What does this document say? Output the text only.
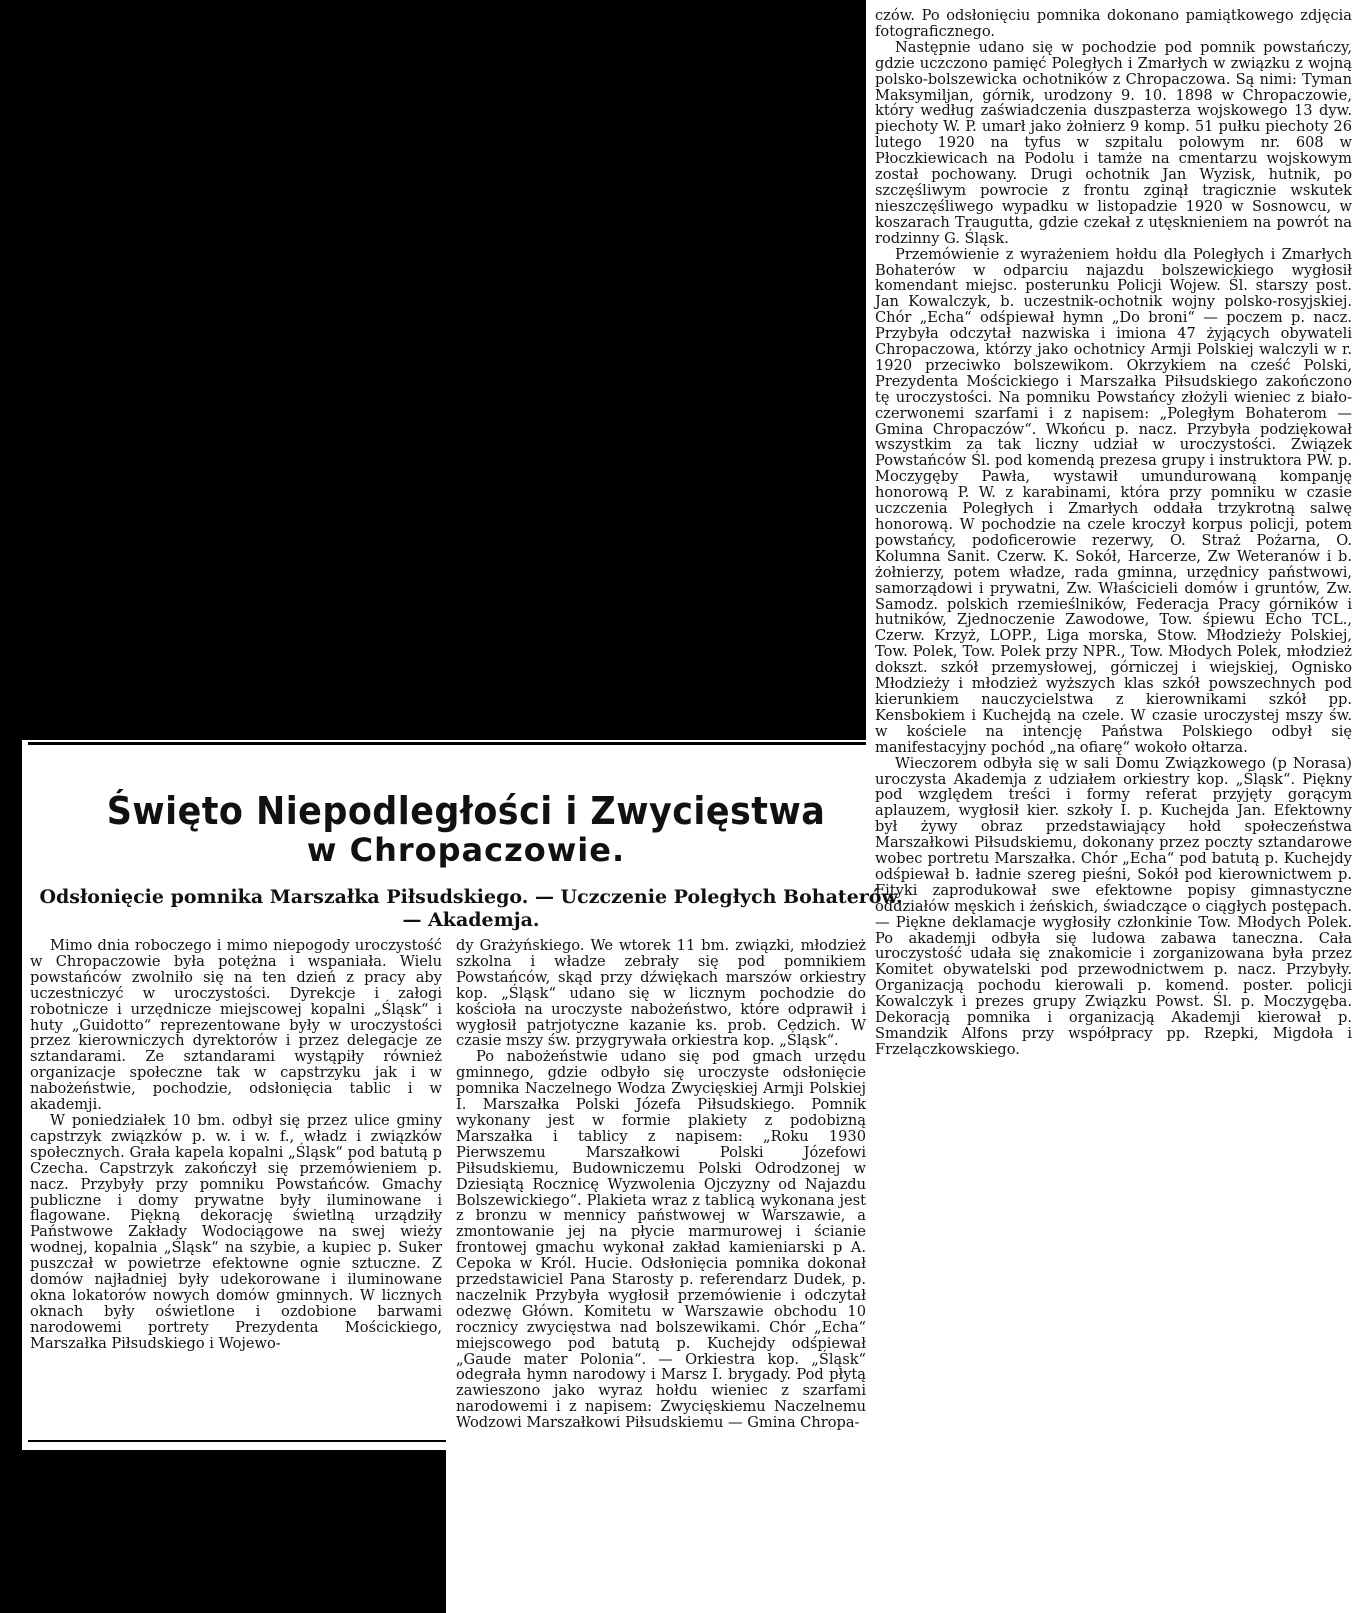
czów. Po odsłonięciu pomnika dokonano pamiątkowego zdjęcia fotograficznego.

Następnie udano się w pochodzie pod pomnik powstańczy, gdzie uczczono pamięć Poległych i Zmarłych w związku z wojną polsko-bolszewicka ochotników z Chropaczowa. Są nimi: Tyman Maksymiljan, górnik, urodzony 9. 10. 1898 w Chropaczowie, który według zaświadczenia duszpasterza wojskowego 13 dyw. piechoty W. P. umarł jako żołnierz 9 komp. 51 pułku piechoty 26 lutego 1920 na tyfus w szpitalu polowym nr. 608 w Płoczkiewicach na Podolu i tamże na cmentarzu wojskowym został pochowany. Drugi ochotnik Jan Wyzisk, hutnik, po szczęśliwym powrocie z frontu zginął tragicznie wskutek nieszczęśliwego wypadku w listopadzie 1920 w Sosnowcu, w koszarach Traugutta, gdzie czekał z utęsknieniem na powrót na rodzinny G. Śląsk.

Przemówienie z wyrażeniem hołdu dla Poległych i Zmarłych Bohaterów w odparciu najazdu bolszewickiego wygłosił komendant miejsc. posterunku Policji Wojew. Śl. starszy post. Jan Kowalczyk, b. uczestnik-ochotnik wojny polsko-rosyjskiej. Chór „Echa“ odśpiewał hymn „Do broni“ — poczem p. nacz. Przybyła odczytał nazwiska i imiona 47 żyjących obywateli Chropaczowa, którzy jako ochotnicy Armji Polskiej walczyli w r. 1920 przeciwko bolszewikom. Okrzykiem na cześć Polski, Prezydenta Mościckiego i Marszałka Piłsudskiego zakończono tę uroczystości. Na pomniku Powstańcy złożyli wieniec z biało-czerwonemi szarfami i z napisem: „Poległym Bohaterom — Gmina Chropaczów“. Wkońcu p. nacz. Przybyła podziękował wszystkim za tak liczny udział w uroczystości. Związek Powstańców Śl. pod komendą prezesa grupy i instruktora PW. p. Moczygęby Pawła, wystawił umundurowaną kompanję honorową P. W. z karabinami, która przy pomniku w czasie uczczenia Poległych i Zmarłych oddała trzykrotną salwę honorową. W pochodzie na czele kroczył korpus policji, potem powstańcy, podoficerowie rezerwy, O. Straż Pożarna, O. Kolumna Sanit. Czerw. K. Sokół, Harcerze, Zw Weteranów i b. żołnierzy, potem władze, rada gminna, urzędnicy państwowi, samorządowi i prywatni, Zw. Właścicieli domów i gruntów, Zw. Samodz. polskich rzemieślników, Federacja Pracy górników i hutników, Zjednoczenie Zawodowe, Tow. śpiewu Echo TCL., Czerw. Krzyż, LOPP., Liga morska, Stow. Młodzieży Polskiej, Tow. Polek, Tow. Polek przy NPR., Tow. Młodych Polek, młodzież dokszt. szkół przemysłowej, górniczej i wiejskiej, Ognisko Młodzieży i młodzież wyższych klas szkół powszechnych pod kierunkiem nauczycielstwa z kierownikami szkół pp. Kensbokiem i Kuchejdą na czele. W czasie uroczystej mszy św. w kościele na intencję Państwa Polskiego odbył się manifestacyjny pochód „na ofiarę“ wokoło ołtarza.

Wieczorem odbyła się w sali Domu Związkowego (p Norasa) uroczysta Akademja z udziałem orkiestry kop. „Śląsk“. Piękny pod względem treści i formy referat przyjęty gorącym aplauzem, wygłosił kier. szkoły I. p. Kuchejda Jan. Efektowny był żywy obraz przedstawiający hołd społeczeństwa Marszałkowi Piłsudskiemu, dokonany przez poczty sztandarowe wobec portretu Marszałka. Chór „Echa“ pod batutą p. Kuchejdy odśpiewał b. ładnie szereg pieśni, Sokół pod kierownictwem p. Fityki zaprodukował swe efektowne popisy gimnastyczne oddziałów męskich i żeńskich, świadczące o ciągłych postępach. — Piękne deklamacje wygłosiły członkinie Tow. Młodych Polek. Po akademji odbyła się ludowa zabawa taneczna. Cała uroczystość udała się znakomicie i zorganizowana była przez Komitet obywatelski pod przewodnictwem p. nacz. Przybyły. Organizacją pochodu kierowali p. komend. poster. policji Kowalczyk i prezes grupy Związku Powst. Śl. p. Moczygęba. Dekoracją pomnika i organizacją Akademji kierował p. Smandzik Alfons przy współpracy pp. Rzepki, Migdoła i Frzelączkowskiego.

Święto Niepodległości i Zwycięstwa
w Chropaczowie.
Odsłonięcie pomnika Marszałka Piłsudskiego. — Uczczenie Poległych Bohaterów. — Akademja.

Mimo dnia roboczego i mimo niepogody uroczystość w Chropaczowie była potężna i wspaniała. Wielu powstańców zwolniło się na ten dzień z pracy aby uczestniczyć w uroczystości. Dyrekcje i załogi robotnicze i urzędnicze miejscowej kopalni „Śląsk“ i huty „Guidotto“ reprezentowane były w uroczystości przez kierowniczych dyrektorów i przez delegacje ze sztandarami. Ze sztandarami wystąpiły również organizacje społeczne tak w capstrzyku jak i w nabożeństwie, pochodzie, odsłonięcia tablic i w akademji.

W poniedziałek 10 bm. odbył się przez ulice gminy capstrzyk związków p. w. i w. f., władz i związków społecznych. Grała kapela kopalni „Śląsk“ pod batutą p Czecha. Capstrzyk zakończył się przemówieniem p. nacz. Przybyły przy pomniku Powstańców. Gmachy publiczne i domy prywatne były iluminowane i flagowane. Piękną dekorację świetlną urządziły Państwowe Zakłady Wodociągowe na swej wieży wodnej, kopalnia „Śląsk“ na szybie, a kupiec p. Suker puszczał w powietrze efektowne ognie sztuczne. Z domów najładniej były udekorowane i iluminowane okna lokatorów nowych domów gminnych. W licznych oknach były oświetlone i ozdobione barwami narodowemi portrety Prezydenta Mościckiego, Marszałka Piłsudskiego i Wojewo-

dy Grażyńskiego. We wtorek 11 bm. związki, młodzież szkolna i władze zebrały się pod pomnikiem Powstańców, skąd przy dźwiękach marszów orkiestry kop. „Śląsk“ udano się w licznym pochodzie do kościoła na uroczyste nabożeństwo, które odprawił i wygłosił patrjotyczne kazanie ks. prob. Cedzich. W czasie mszy św. przygrywała orkiestra kop. „Śląsk“.

Po nabożeństwie udano się pod gmach urzędu gminnego, gdzie odbyło się uroczyste odsłonięcie pomnika Naczelnego Wodza Zwycięskiej Armji Polskiej I. Marszałka Polski Józefa Piłsudskiego. Pomnik wykonany jest w formie plakiety z podobizną Marszałka i tablicy z napisem: „Roku 1930 Pierwszemu Marszałkowi Polski Józefowi Piłsudskiemu, Budowniczemu Polski Odrodzonej w Dziesiątą Rocznicę Wyzwolenia Ojczyzny od Najazdu Bolszewickiego“. Plakieta wraz z tablicą wykonana jest z bronzu w mennicy państwowej w Warszawie, a zmontowanie jej na płycie marmurowej i ścianie frontowej gmachu wykonał zakład kamieniarski p A. Cepoka w Król. Hucie. Odsłonięcia pomnika dokonał przedstawiciel Pana Starosty p. referendarz Dudek, p. naczelnik Przybyła wygłosił przemówienie i odczytał odezwę Główn. Komitetu w Warszawie obchodu 10 rocznicy zwycięstwa nad bolszewikami. Chór „Echa“ miejscowego pod batutą p. Kuchejdy odśpiewał „Gaude mater Polonia“. — Orkiestra kop. „Śląsk“ odegrała hymn narodowy i Marsz I. brygady. Pod płytą zawieszono jako wyraz hołdu wieniec z szarfami narodowemi i z napisem: Zwycięskiemu Naczelnemu Wodzowi Marszałkowi Piłsudskiemu — Gmina Chropa-
